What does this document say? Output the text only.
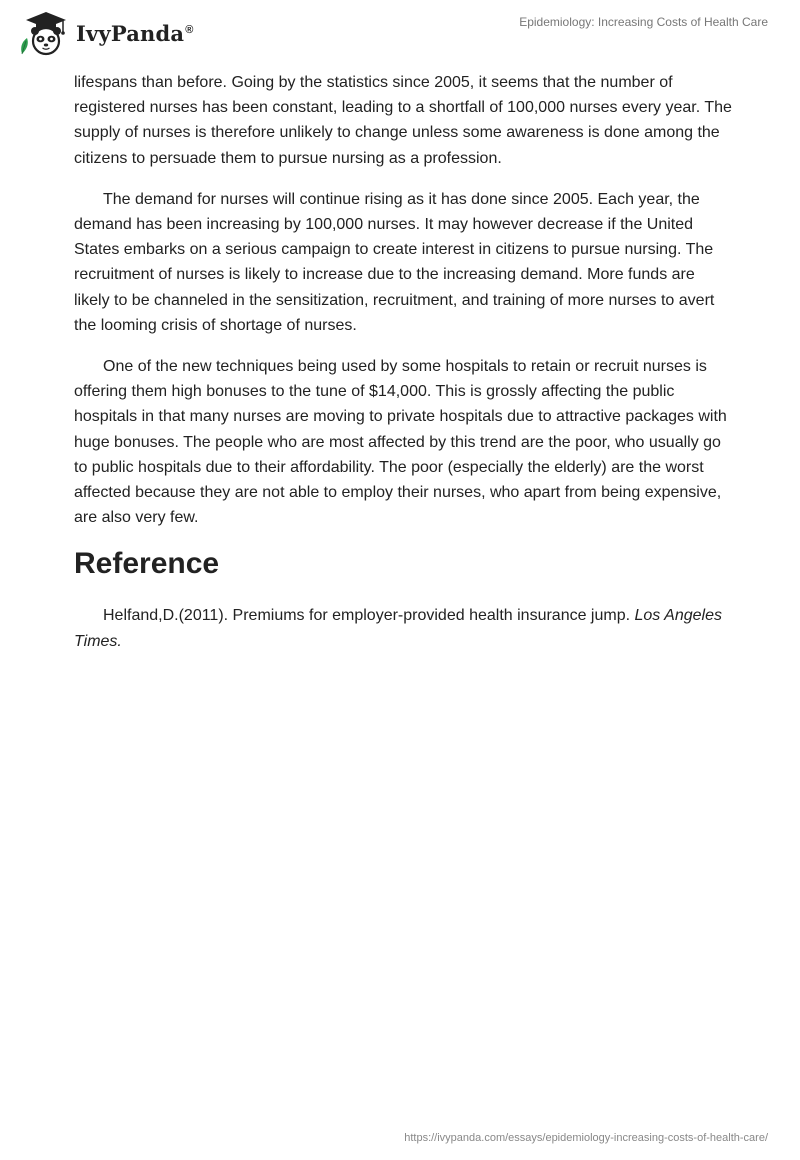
IvyPanda®
Epidemiology: Increasing Costs of Health Care

lifespans than before. Going by the statistics since 2005, it seems that the number of registered nurses has been constant, leading to a shortfall of 100,000 nurses every year. The supply of nurses is therefore unlikely to change unless some awareness is done among the citizens to persuade them to pursue nursing as a profession.

The demand for nurses will continue rising as it has done since 2005. Each year, the demand has been increasing by 100,000 nurses. It may however decrease if the United States embarks on a serious campaign to create interest in citizens to pursue nursing. The recruitment of nurses is likely to increase due to the increasing demand. More funds are likely to be channeled in the sensitization, recruitment, and training of more nurses to avert the looming crisis of shortage of nurses.

One of the new techniques being used by some hospitals to retain or recruit nurses is offering them high bonuses to the tune of $14,000. This is grossly affecting the public hospitals in that many nurses are moving to private hospitals due to attractive packages with huge bonuses. The people who are most affected by this trend are the poor, who usually go to public hospitals due to their affordability. The poor (especially the elderly) are the worst affected because they are not able to employ their nurses, who apart from being expensive, are also very few.

Reference

Helfand,D.(2011). Premiums for employer-provided health insurance jump. Los Angeles Times.

https://ivypanda.com/essays/epidemiology-increasing-costs-of-health-care/
